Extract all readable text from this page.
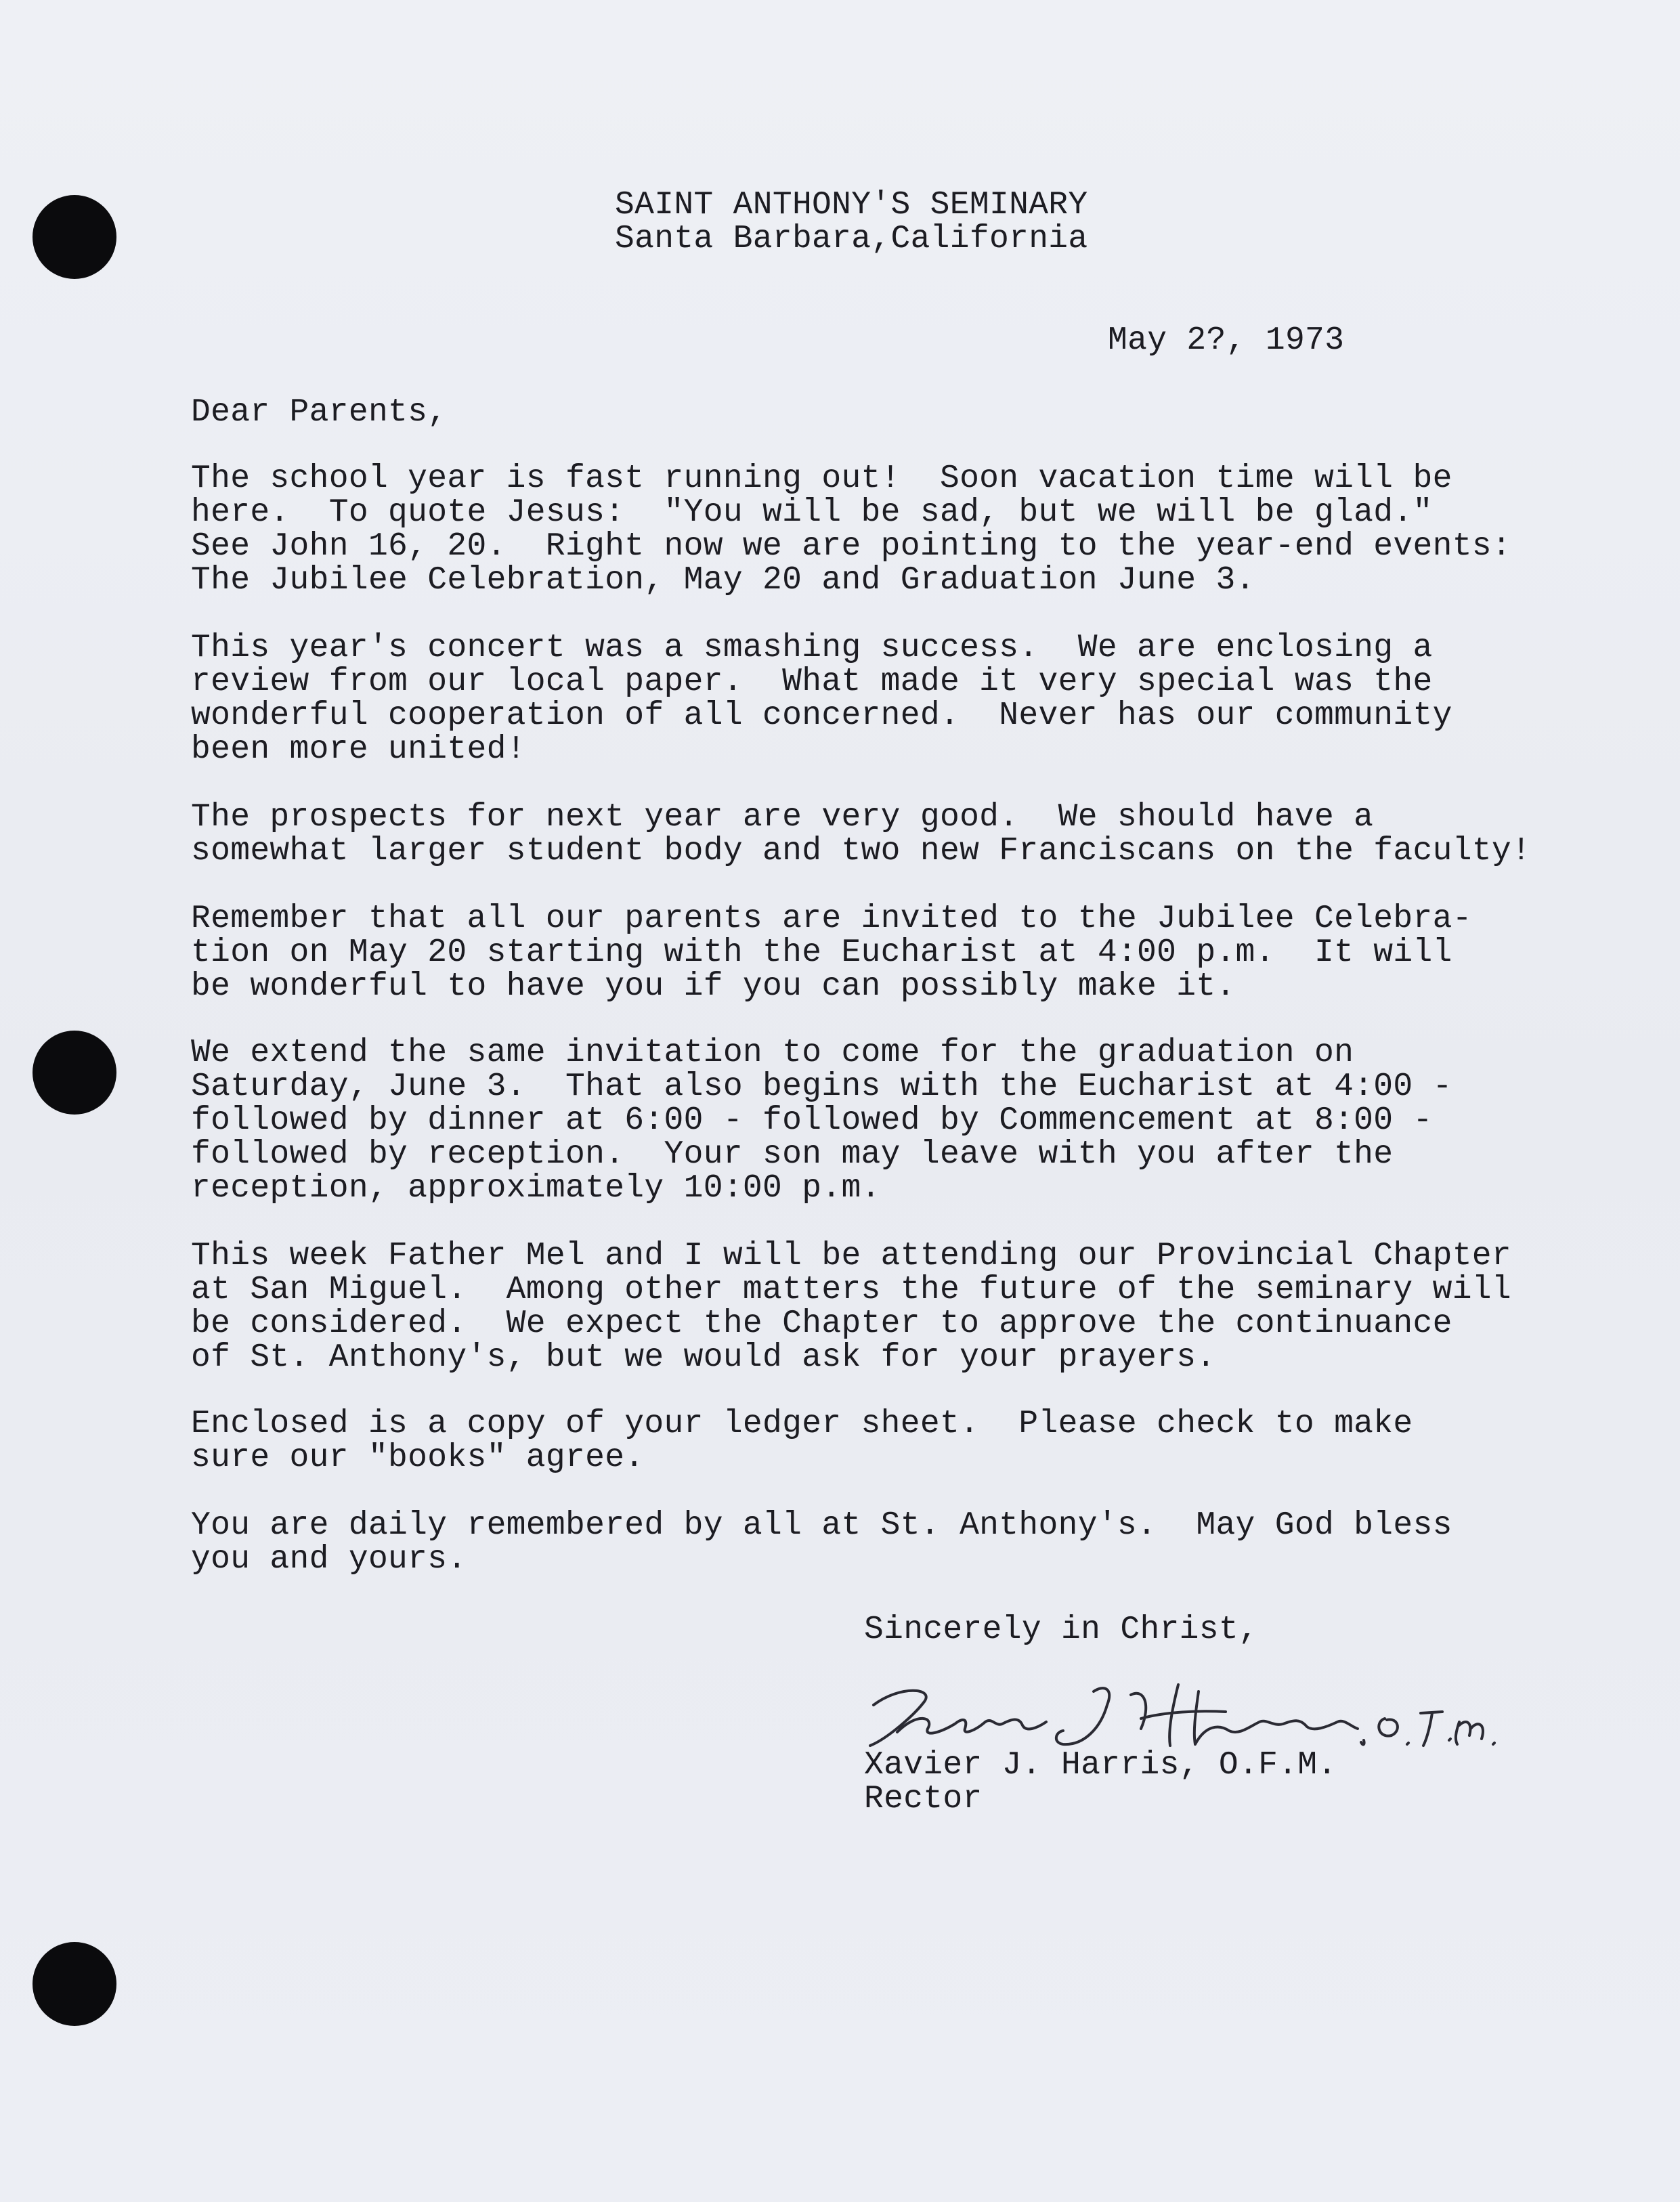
SAINT ANTHONY'S SEMINARY
Santa Barbara,California
May 2?, 1973
Dear Parents,
The school year is fast running out!  Soon vacation time will be
here.  To quote Jesus:  "You will be sad, but we will be glad."
See John 16, 20.  Right now we are pointing to the year-end events:
The Jubilee Celebration, May 20 and Graduation June 3.
This year's concert was a smashing success.  We are enclosing a
review from our local paper.  What made it very special was the
wonderful cooperation of all concerned.  Never has our community
been more united!
The prospects for next year are very good.  We should have a
somewhat larger student body and two new Franciscans on the faculty!
Remember that all our parents are invited to the Jubilee Celebra-
tion on May 20 starting with the Eucharist at 4:00 p.m.  It will
be wonderful to have you if you can possibly make it.
We extend the same invitation to come for the graduation on
Saturday, June 3.  That also begins with the Eucharist at 4:00 -
followed by dinner at 6:00 - followed by Commencement at 8:00 -
followed by reception.  Your son may leave with you after the
reception, approximately 10:00 p.m.
This week Father Mel and I will be attending our Provincial Chapter
at San Miguel.  Among other matters the future of the seminary will
be considered.  We expect the Chapter to approve the continuance
of St. Anthony's, but we would ask for your prayers.
Enclosed is a copy of your ledger sheet.  Please check to make
sure our "books" agree.
You are daily remembered by all at St. Anthony's.  May God bless
you and yours.
Sincerely in Christ,
Xavier J. Harris, O.F.M.
Rector
